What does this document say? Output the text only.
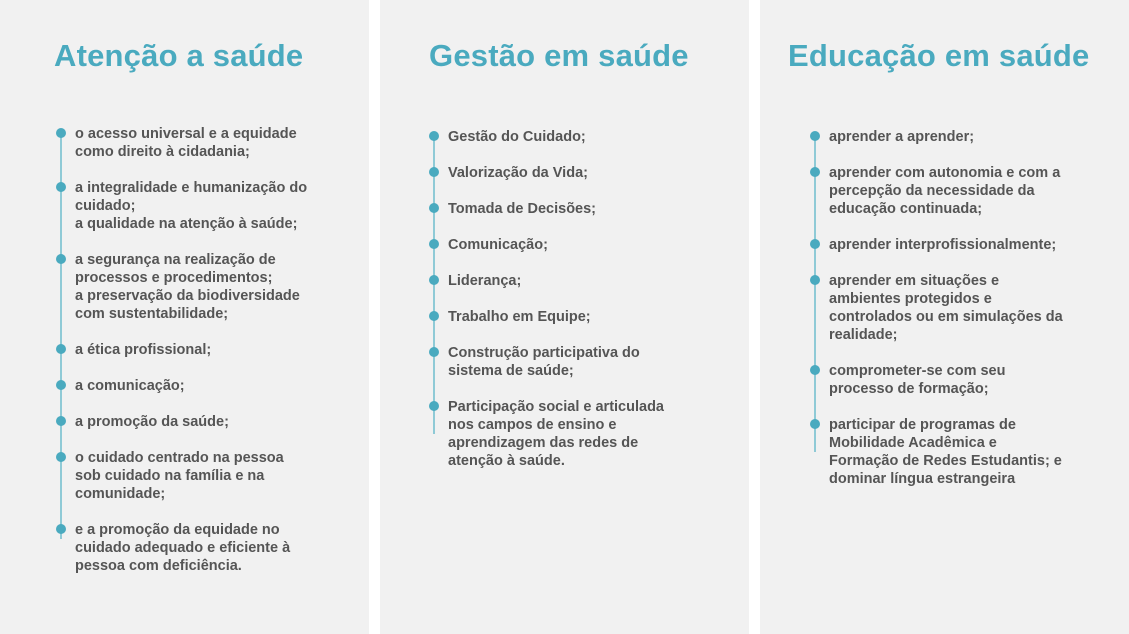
Atenção a saúde
o acesso universal e a equidade
como direito à cidadania;
a integralidade e humanização do
cuidado;
a qualidade na atenção à saúde;
a segurança na realização de
processos e procedimentos;
a preservação da biodiversidade
com sustentabilidade;
a ética profissional;
a comunicação;
a promoção da saúde;
o cuidado centrado na pessoa
sob cuidado na família e na
comunidade;
e a promoção da equidade no
cuidado adequado e eficiente à
pessoa com deficiência.
Gestão em saúde
Gestão do Cuidado;
Valorização da Vida;
Tomada de Decisões;
Comunicação;
Liderança;
Trabalho em Equipe;
Construção participativa do
sistema de saúde;
Participação social e articulada
nos campos de ensino e
aprendizagem das redes de
atenção à saúde.
Educação em saúde
aprender a aprender;
aprender com autonomia e com a
percepção da necessidade da
educação continuada;
aprender interprofissionalmente;
aprender em situações e
ambientes protegidos e
controlados ou em simulações da
realidade;
comprometer-se com seu
processo de formação;
participar de programas de
Mobilidade Acadêmica e
Formação de Redes Estudantis; e
dominar língua estrangeira
